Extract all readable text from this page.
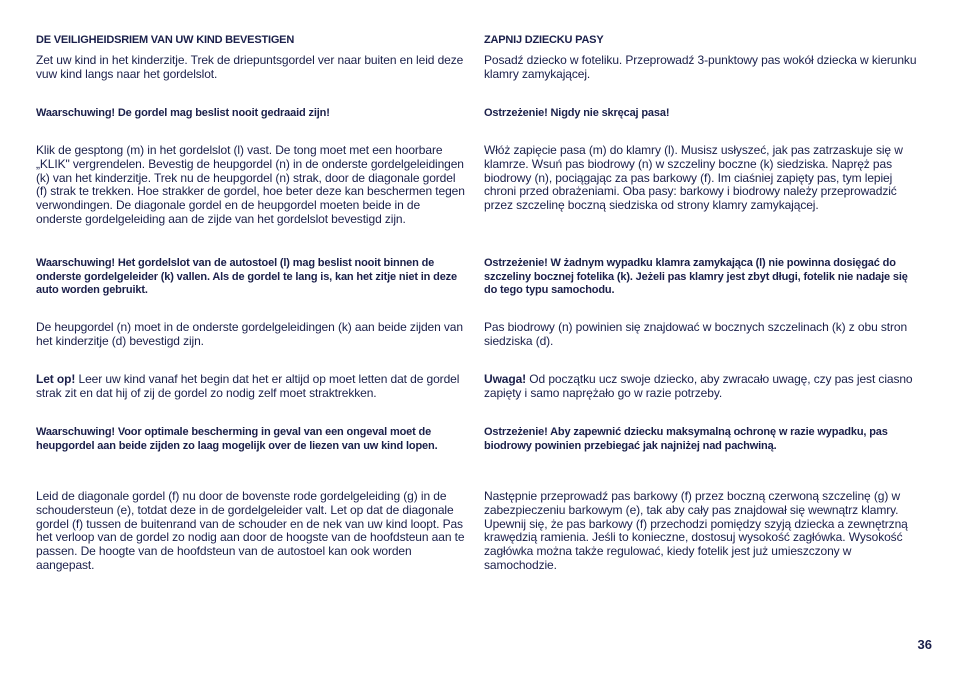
DE VEILIGHEIDSRIEM VAN UW KIND BEVESTIGEN

Zet uw kind in het kinderzitje. Trek de driepuntsgordel ver naar buiten en leid deze vuw kind langs naar het gordelslot.

Waarschuwing! De gordel mag beslist nooit gedraaid zijn!

Klik de gesptong (m) in het gordelslot (l) vast. De tong moet met een hoorbare „KLIK" vergrendelen. Bevestig de heupgordel (n) in de onderste gordelgeleidingen (k) van het kinderzitje. Trek nu de heupgordel (n) strak, door de diagonale gordel (f) strak te trekken. Hoe strakker de gordel, hoe beter deze kan beschermen tegen verwondingen. De diagonale gordel en de heupgordel moeten beide in de onderste gordelgeleiding aan de zijde van het gordelslot bevestigd zijn.

Waarschuwing! Het gordelslot van de autostoel (l) mag beslist nooit binnen de onderste gordelgeleider (k) vallen. Als de gordel te lang is, kan het zitje niet in deze auto worden gebruikt.

De heupgordel (n) moet in de onderste gordelgeleidingen (k) aan beide zijden van het kinderzitje (d) bevestigd zijn.

Let op! Leer uw kind vanaf het begin dat het er altijd op moet letten dat de gordel strak zit en dat hij of zij de gordel zo nodig zelf moet straktrekken.

Waarschuwing! Voor optimale bescherming in geval van een ongeval moet de heupgordel aan beide zijden zo laag mogelijk over de liezen van uw kind lopen.

Leid de diagonale gordel (f) nu door de bovenste rode gordelgeleiding (g) in de schoudersteun (e), totdat deze in de gordelgeleider valt. Let op dat de diagonale gordel (f) tussen de buitenrand van de schouder en de nek van uw kind loopt. Pas het verloop van de gordel zo nodig aan door de hoogste van de hoofdsteun aan te passen. De hoogte van de hoofdsteun van de autostoel kan ook worden aangepast.

ZAPNIJ DZIECKU PASY

Posadź dziecko w foteliku. Przeprowadź 3-punktowy pas wokół dziecka w kierunku klamry zamykającej.

Ostrzeżenie! Nigdy nie skręcaj pasa!

Włóż zapięcie pasa (m) do klamry (l). Musisz usłyszeć, jak pas zatrzaskuje się w klamrze. Wsuń pas biodrowy (n) w szczeliny boczne (k) siedziska. Napręż pas biodrowy (n), pociągając za pas barkowy (f). Im ciaśniej zapięty pas, tym lepiej chroni przed obrażeniami. Oba pasy: barkowy i biodrowy należy przeprowadzić przez szczelinę boczną siedziska od strony klamry zamykającej.

Ostrzeżenie! W żadnym wypadku klamra zamykająca (l) nie powinna dosięgać do szczeliny bocznej fotelika (k). Jeżeli pas klamry jest zbyt długi, fotelik nie nadaje się do tego typu samochodu.

Pas biodrowy (n) powinien się znajdować w bocznych szczelinach (k) z obu stron siedziska (d).

Uwaga! Od początku ucz swoje dziecko, aby zwracało uwagę, czy pas jest ciasno zapięty i samo naprężało go w razie potrzeby.

Ostrzeżenie! Aby zapewnić dziecku maksymalną ochronę w razie wypadku, pas biodrowy powinien przebiegać jak najniżej nad pachwiną.

Następnie przeprowadź pas barkowy (f) przez boczną czerwoną szczelinę (g) w zabezpieczeniu barkowym (e), tak aby cały pas znajdował się wewnątrz klamry. Upewnij się, że pas barkowy (f) przechodzi pomiędzy szyją dziecka a zewnętrzną krawędzią ramienia. Jeśli to konieczne, dostosuj wysokość zagłówka. Wysokość zagłówka można także regulować, kiedy fotelik jest już umieszczony w samochodzie.

36
